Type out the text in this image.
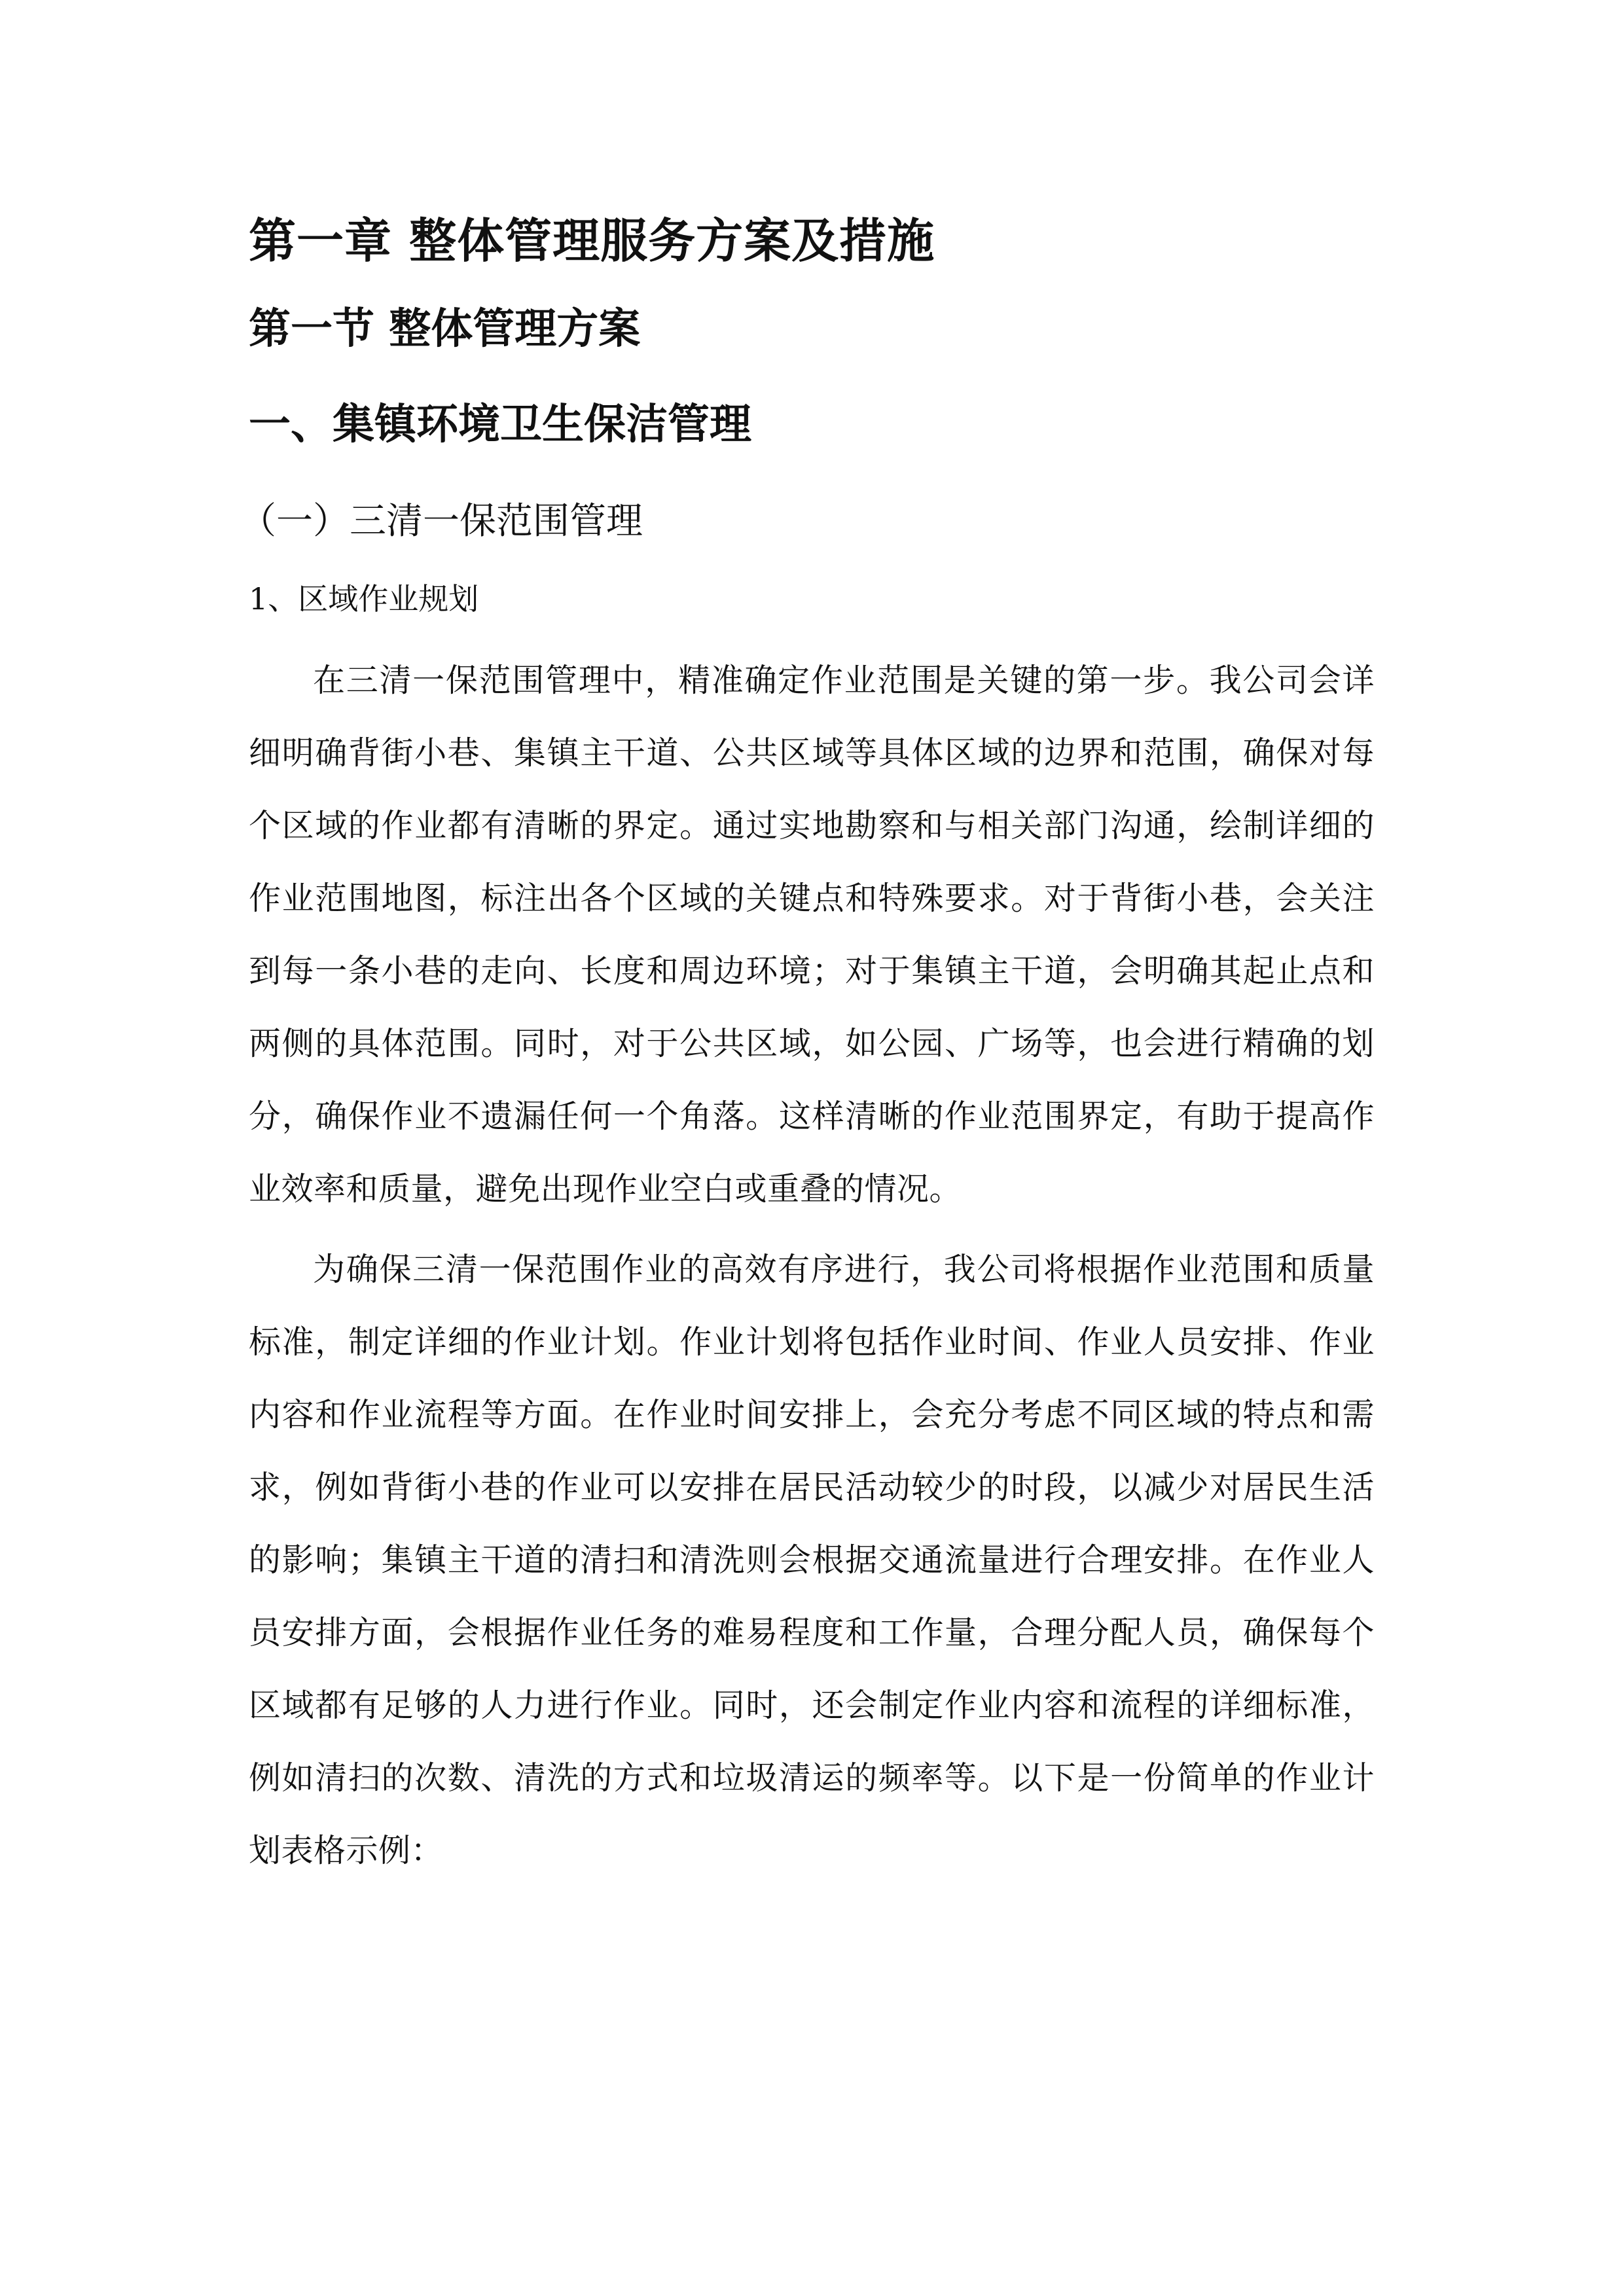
第一章 整体管理服务方案及措施
第一节 整体管理方案
一、集镇环境卫生保洁管理
（一）三清一保范围管理

1、区域作业规划

在三清一保范围管理中，精准确定作业范围是关键的第一步。我公司会详细明确背街小巷、集镇主干道、公共区域等具体区域的边界和范围，确保对每个区域的作业都有清晰的界定。通过实地勘察和与相关部门沟通，绘制详细的作业范围地图，标注出各个区域的关键点和特殊要求。对于背街小巷，会关注到每一条小巷的走向、长度和周边环境；对于集镇主干道，会明确其起止点和两侧的具体范围。同时，对于公共区域，如公园、广场等，也会进行精确的划分，确保作业不遗漏任何一个角落。这样清晰的作业范围界定，有助于提高作业效率和质量，避免出现作业空白或重叠的情况。

为确保三清一保范围作业的高效有序进行，我公司将根据作业范围和质量标准，制定详细的作业计划。作业计划将包括作业时间、作业人员安排、作业内容和作业流程等方面。在作业时间安排上，会充分考虑不同区域的特点和需求，例如背街小巷的作业可以安排在居民活动较少的时段，以减少对居民生活的影响；集镇主干道的清扫和清洗则会根据交通流量进行合理安排。在作业人员安排方面，会根据作业任务的难易程度和工作量，合理分配人员，确保每个区域都有足够的人力进行作业。同时，还会制定作业内容和流程的详细标准，例如清扫的次数、清洗的方式和垃圾清运的频率等。以下是一份简单的作业计划表格示例：
